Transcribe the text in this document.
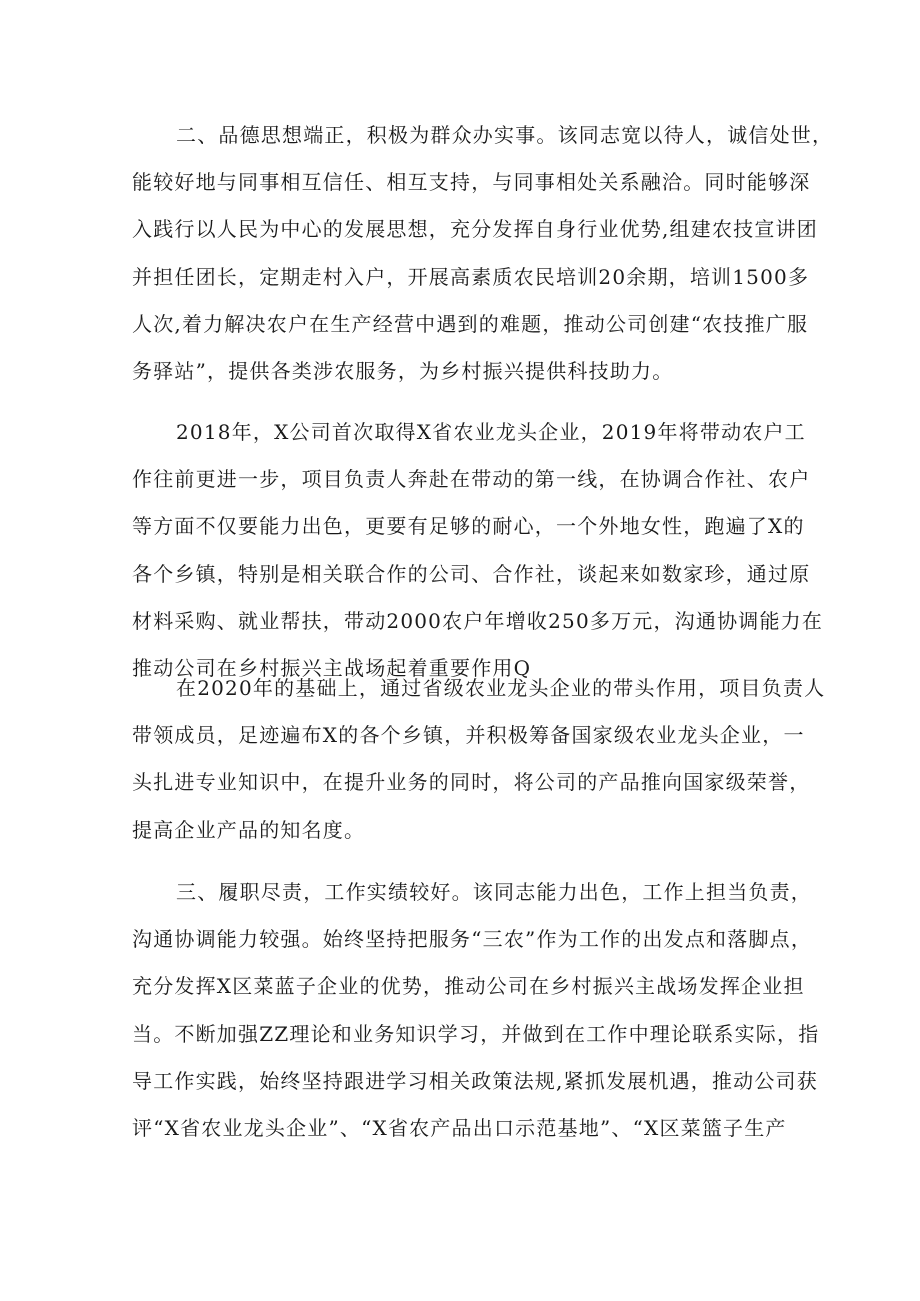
二、品德思想端正，积极为群众办实事。该同志宽以待人，诚信处世，
能较好地与同事相互信任、相互支持，与同事相处关系融洽。同时能够深
入践行以人民为中心的发展思想，充分发挥自身行业优势,组建农技宣讲团
并担任团长，定期走村入户，开展高素质农民培训20余期，培训1500多
人次,着力解决农户在生产经营中遇到的难题，推动公司创建“农技推广服
务驿站”，提供各类涉农服务，为乡村振兴提供科技助力。

2018年，X公司首次取得X省农业龙头企业，2019年将带动农户工
作往前更进一步，项目负责人奔赴在带动的第一线，在协调合作社、农户
等方面不仅要能力出色，更要有足够的耐心，一个外地女性，跑遍了X的
各个乡镇，特别是相关联合作的公司、合作社，谈起来如数家珍，通过原
材料采购、就业帮扶，带动2000农户年增收250多万元，沟通协调能力在
推动公司在乡村振兴主战场起着重要作用Q

在2020年的基础上，通过省级农业龙头企业的带头作用，项目负责人
带领成员，足迹遍布X的各个乡镇，并积极筹备国家级农业龙头企业，一
头扎进专业知识中，在提升业务的同时，将公司的产品推向国家级荣誉，
提高企业产品的知名度。

三、履职尽责，工作实绩较好。该同志能力出色，工作上担当负责，
沟通协调能力较强。始终坚持把服务“三农”作为工作的出发点和落脚点，
充分发挥X区菜蓝子企业的优势，推动公司在乡村振兴主战场发挥企业担
当。不断加强ZZ理论和业务知识学习，并做到在工作中理论联系实际，指
导工作实践，始终坚持跟进学习相关政策法规,紧抓发展机遇，推动公司获
评“X省农业龙头企业”、“X省农产品出口示范基地”、“X区菜篮子生产
